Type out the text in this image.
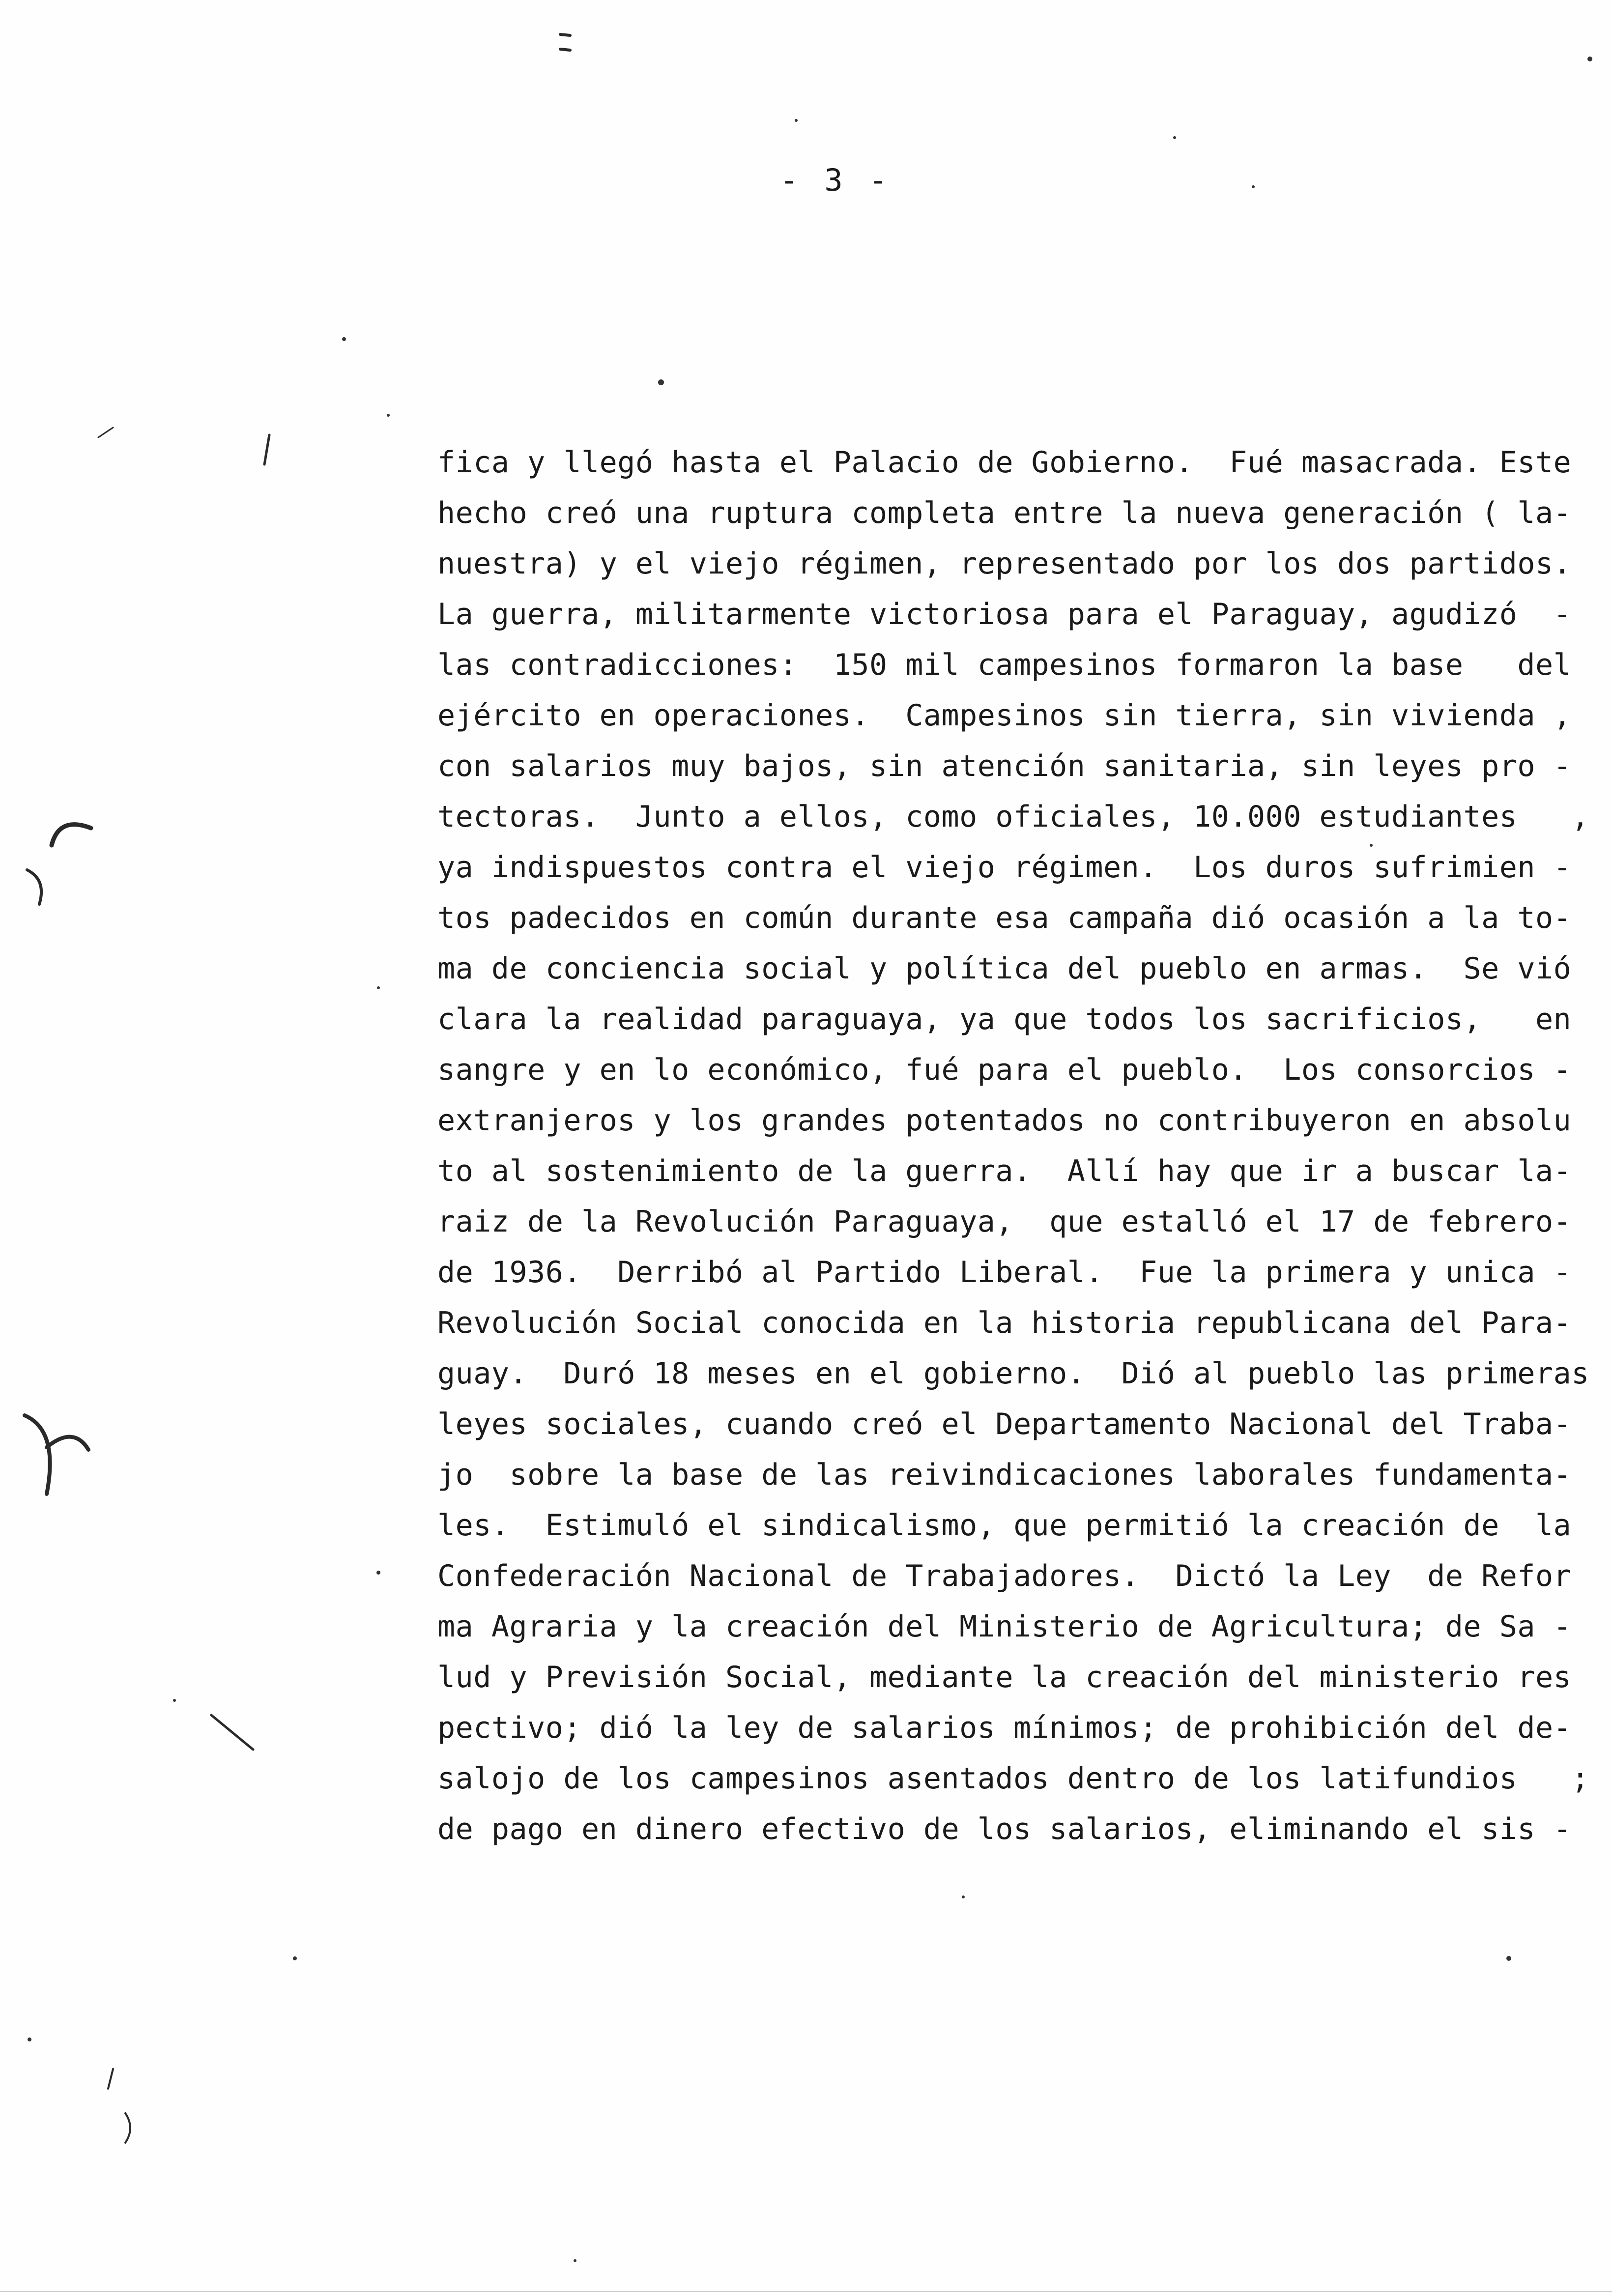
- 3 -
fica y llegó hasta el Palacio de Gobierno.  Fué masacrada. Este
hecho creó una ruptura completa entre la nueva generación ( la-
nuestra) y el viejo régimen, representado por los dos partidos.
La guerra, militarmente victoriosa para el Paraguay, agudizó  -
las contradicciones:  150 mil campesinos formaron la base   del
ejército en operaciones.  Campesinos sin tierra, sin vivienda ,
con salarios muy bajos, sin atención sanitaria, sin leyes pro -
tectoras.  Junto a ellos, como oficiales, 10.000 estudiantes   ,
ya indispuestos contra el viejo régimen.  Los duros sufrimien -
tos padecidos en común durante esa campaña dió ocasión a la to-
ma de conciencia social y política del pueblo en armas.  Se vió
clara la realidad paraguaya, ya que todos los sacrificios,   en
sangre y en lo económico, fué para el pueblo.  Los consorcios -
extranjeros y los grandes potentados no contribuyeron en absolu
to al sostenimiento de la guerra.  Allí hay que ir a buscar la-
raiz de la Revolución Paraguaya,  que estalló el 17 de febrero-
de 1936.  Derribó al Partido Liberal.  Fue la primera y unica -
Revolución Social conocida en la historia republicana del Para-
guay.  Duró 18 meses en el gobierno.  Dió al pueblo las primeras
leyes sociales, cuando creó el Departamento Nacional del Traba-
jo  sobre la base de las reivindicaciones laborales fundamenta-
les.  Estimuló el sindicalismo, que permitió la creación de  la
Confederación Nacional de Trabajadores.  Dictó la Ley  de Refor
ma Agraria y la creación del Ministerio de Agricultura; de Sa -
lud y Previsión Social, mediante la creación del ministerio res
pectivo; dió la ley de salarios mínimos; de prohibición del de-
salojo de los campesinos asentados dentro de los latifundios   ;
de pago en dinero efectivo de los salarios, eliminando el sis -
